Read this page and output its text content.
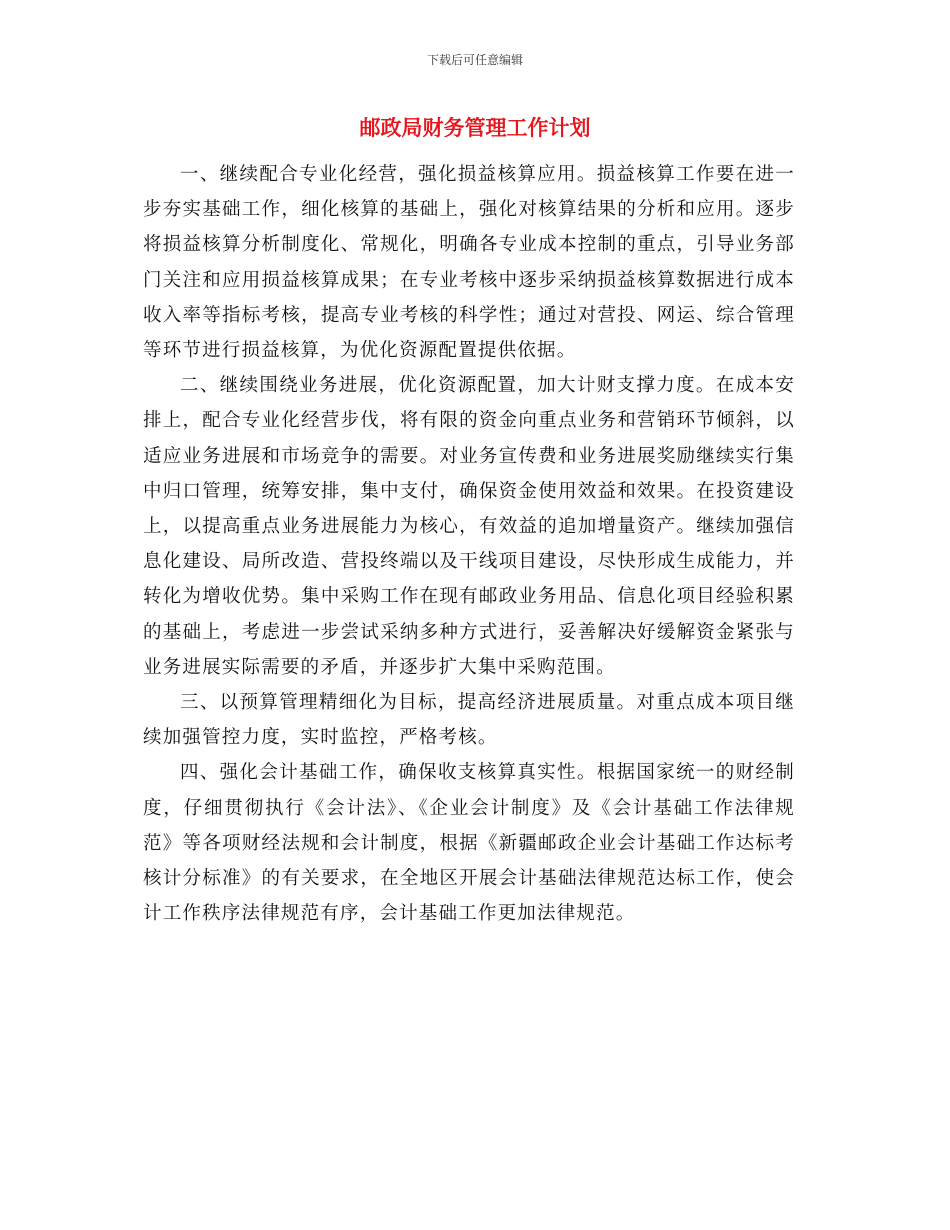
下载后可任意编辑
邮政局财务管理工作计划

一、继续配合专业化经营，强化损益核算应用。损益核算工作要在进一步夯实基础工作，细化核算的基础上，强化对核算结果的分析和应用。逐步将损益核算分析制度化、常规化，明确各专业成本控制的重点，引导业务部门关注和应用损益核算成果；在专业考核中逐步采纳损益核算数据进行成本收入率等指标考核，提高专业考核的科学性；通过对营投、网运、综合管理等环节进行损益核算，为优化资源配置提供依据。

二、继续围绕业务进展，优化资源配置，加大计财支撑力度。在成本安排上，配合专业化经营步伐，将有限的资金向重点业务和营销环节倾斜，以适应业务进展和市场竞争的需要。对业务宣传费和业务进展奖励继续实行集中归口管理，统筹安排，集中支付，确保资金使用效益和效果。在投资建设上，以提高重点业务进展能力为核心，有效益的追加增量资产。继续加强信息化建设、局所改造、营投终端以及干线项目建设，尽快形成生成能力，并转化为增收优势。集中采购工作在现有邮政业务用品、信息化项目经验积累的基础上，考虑进一步尝试采纳多种方式进行，妥善解决好缓解资金紧张与业务进展实际需要的矛盾，并逐步扩大集中采购范围。

三、以预算管理精细化为目标，提高经济进展质量。对重点成本项目继续加强管控力度，实时监控，严格考核。

四、强化会计基础工作，确保收支核算真实性。根据国家统一的财经制度，仔细贯彻执行《会计法》、《企业会计制度》及《会计基础工作法律规范》等各项财经法规和会计制度，根据《新疆邮政企业会计基础工作达标考核计分标准》的有关要求，在全地区开展会计基础法律规范达标工作，使会计工作秩序法律规范有序，会计基础工作更加法律规范。
